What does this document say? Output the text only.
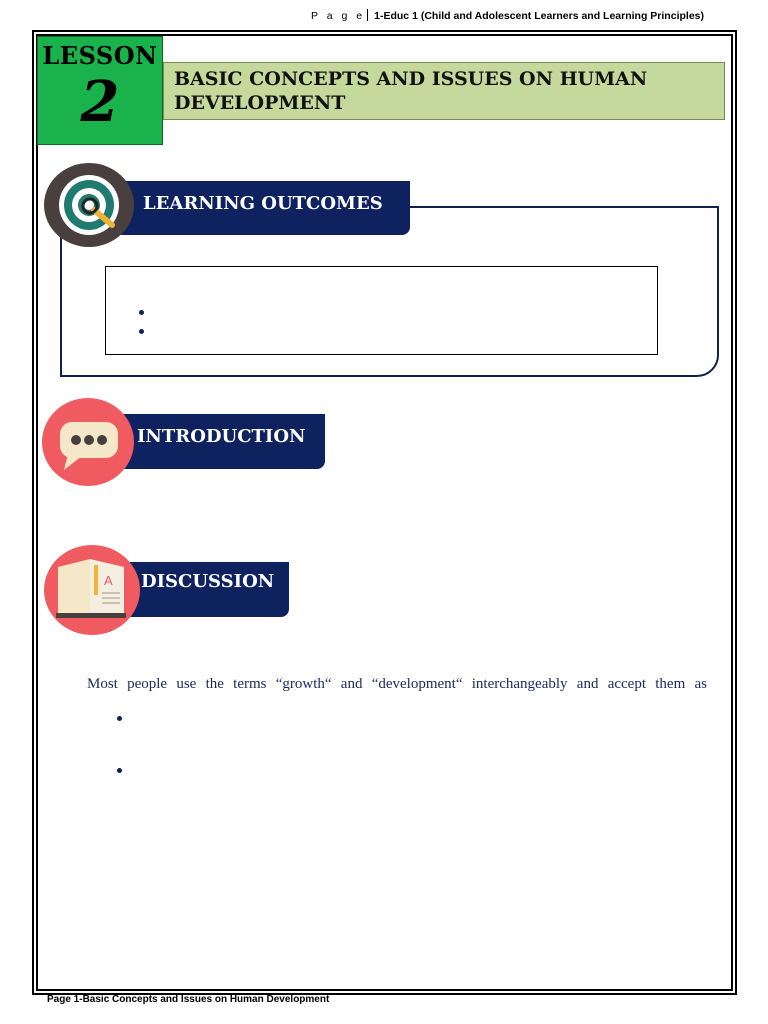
P a g e 1-Educ 1 (Child and Adolescent Learners and Learning Principles)
LESSON
2	BASIC CONCEPTS AND ISSUES ON HUMAN DEVELOPMENT
LEARNING OUTCOMES
INTRODUCTION
DISCUSSION
A
Most people use the terms “growth“ and “development“ interchangeably and accept them as
Page 1-Basic Concepts and Issues on Human Development
